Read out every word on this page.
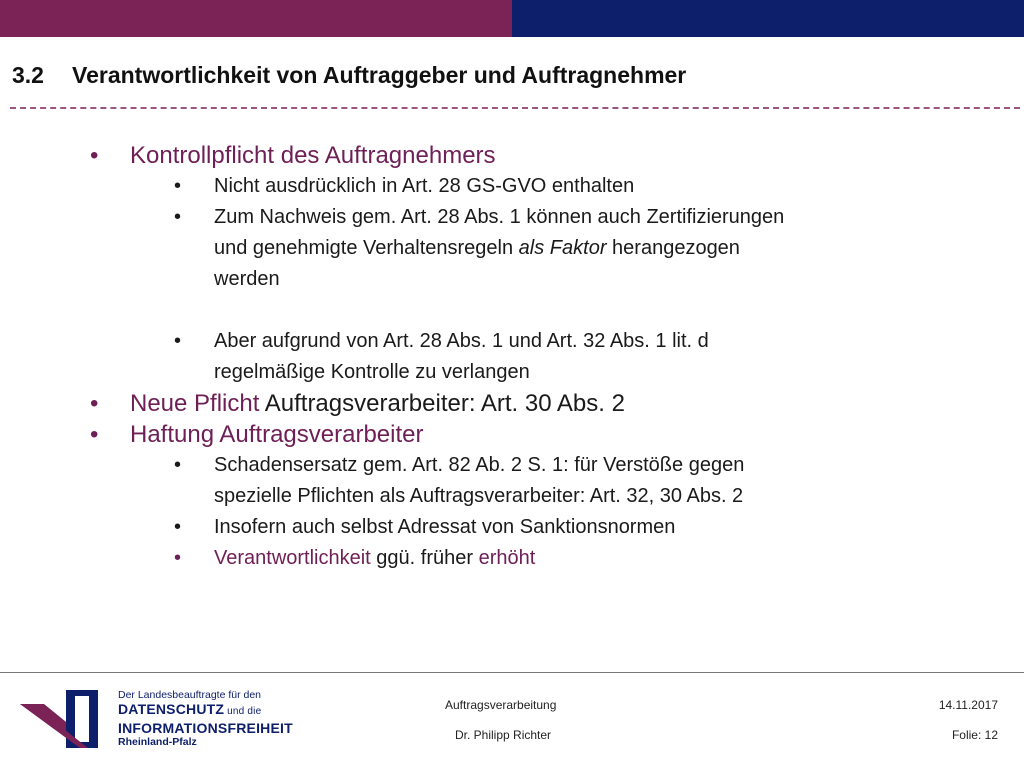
3.2 Verantwortlichkeit von Auftraggeber und Auftragnehmer
• Kontrollpflicht des Auftragnehmers
• Nicht ausdrücklich in Art. 28 GS-GVO enthalten
• Zum Nachweis gem. Art. 28 Abs. 1 können auch Zertifizierungen
und genehmigte Verhaltensregeln als Faktor herangezogen
werden
• Aber aufgrund von Art. 28 Abs. 1 und Art. 32 Abs. 1 lit. d
regelmäßige Kontrolle zu verlangen
• Neue Pflicht Auftragsverarbeiter: Art. 30 Abs. 2
• Haftung Auftragsverarbeiter
• Schadensersatz gem. Art. 82 Ab. 2 S. 1: für Verstöße gegen
spezielle Pflichten als Auftragsverarbeiter: Art. 32, 30 Abs. 2
• Insofern auch selbst Adressat von Sanktionsnormen
• Verantwortlichkeit ggü. früher erhöht
Der Landesbeauftragte für den
DATENSCHUTZ und die
INFORMATIONSFREIHEIT
Rheinland-Pfalz
Auftragsverarbeitung
Dr. Philipp Richter
14.11.2017
Folie: 12
